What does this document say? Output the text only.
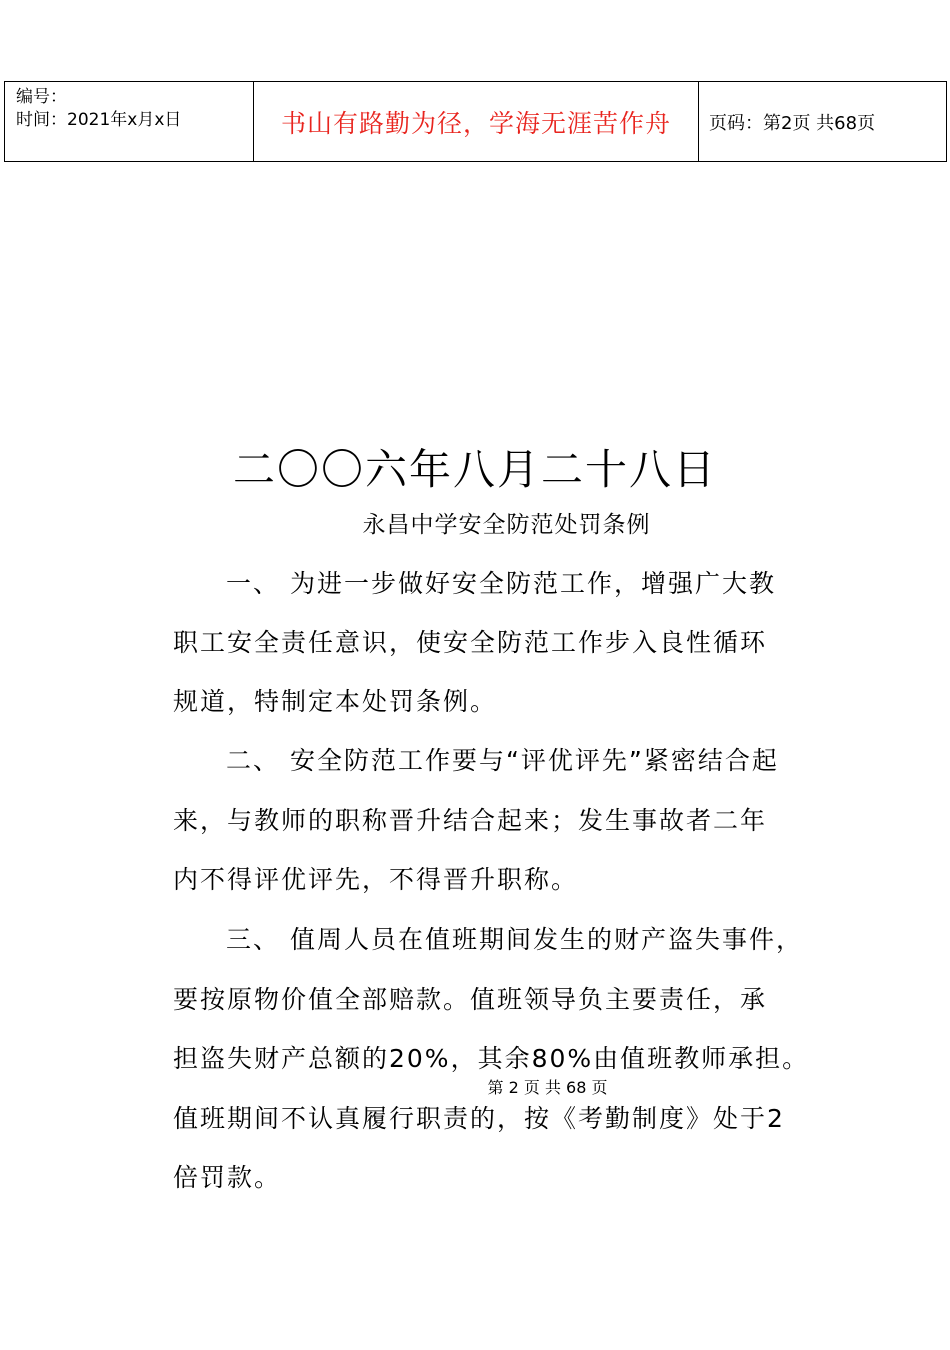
编号：
时间：2021年x月x日	书山有路勤为径，学海无涯苦作舟	页码：第2页 共68页
二〇〇六年八月二十八日
永昌中学安全防范处罚条例
一、 为进一步做好安全防范工作，增强广大教
职工安全责任意识，使安全防范工作步入良性循环
规道，特制定本处罚条例。
二、 安全防范工作要与“评优评先”紧密结合起
来，与教师的职称晋升结合起来；发生事故者二年
内不得评优评先，不得晋升职称。
三、 值周人员在值班期间发生的财产盗失事件，
要按原物价值全部赔款。值班领导负主要责任，承
担盗失财产总额的20%，其余80%由值班教师承担。
值班期间不认真履行职责的，按《考勤制度》处于2
倍罚款。
第 2 页 共 68 页
